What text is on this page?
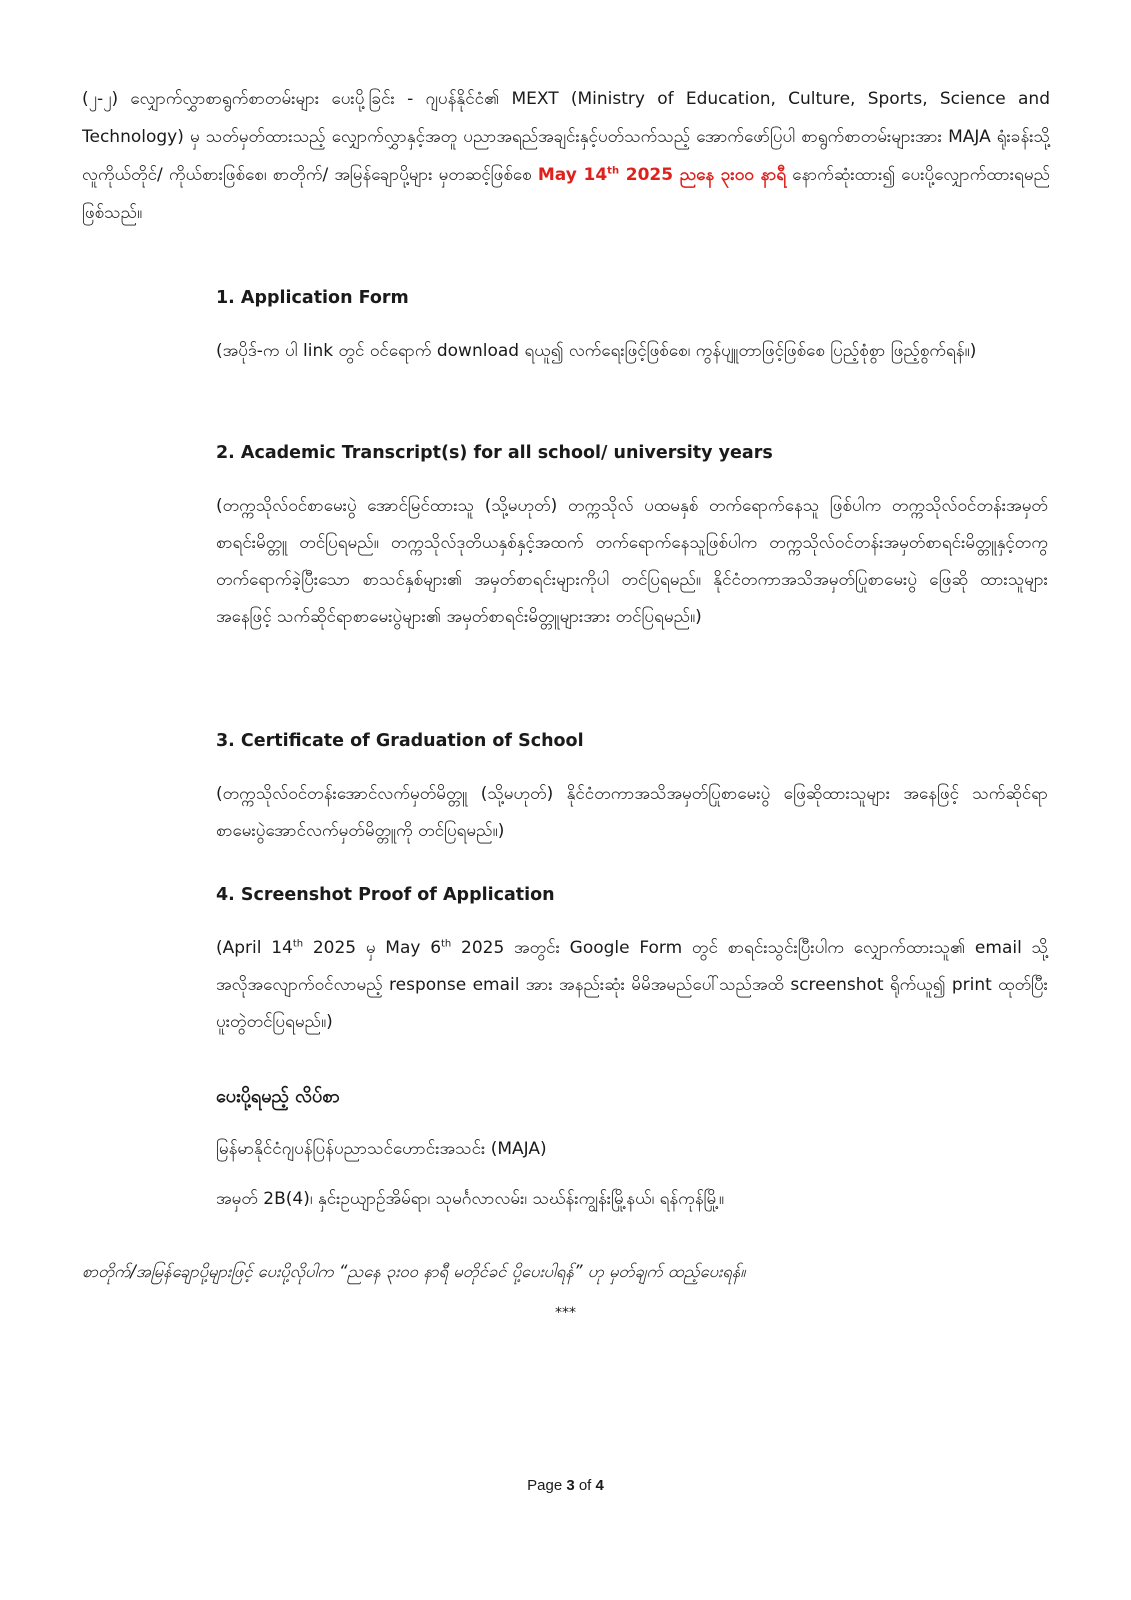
(၂-၂) လျှောက်လွှာစာရွက်စာတမ်းများ ပေးပို့ခြင်း - ဂျပန်နိုင်ငံ၏ MEXT (Ministry of Education, Culture, Sports, Science and Technology) မှ သတ်မှတ်ထားသည့် လျှောက်လွှာနှင့်အတူ ပညာအရည်အချင်းနှင့်ပတ်သက်သည့် အောက်ဖော်ပြပါ စာရွက်စာတမ်းများအား MAJA ရုံးခန်းသို့ လူကိုယ်တိုင်/ ကိုယ်စားဖြစ်စေ၊ စာတိုက်/ အမြန်ချောပို့များ မှတဆင့်ဖြစ်စေ May 14th 2025 ညနေ ၃း၀၀ နာရီ နောက်ဆုံးထား၍ ပေးပို့လျှောက်ထားရမည် ဖြစ်သည်။
1. Application Form
(အပိုဒ်-က ပါ link တွင် ဝင်ရောက် download ရယူ၍ လက်ရေးဖြင့်ဖြစ်စေ၊ ကွန်ပျူတာဖြင့်ဖြစ်စေ ပြည့်စုံစွာ ဖြည့်စွက်ရန်။)
2. Academic Transcript(s) for all school/ university years
(တက္ကသိုလ်ဝင်စာမေးပွဲ အောင်မြင်ထားသူ (သို့မဟုတ်) တက္ကသိုလ် ပထမနှစ် တက်ရောက်နေသူ ဖြစ်ပါက တက္ကသိုလ်ဝင်တန်းအမှတ်စာရင်းမိတ္တူ တင်ပြရမည်။ တက္ကသိုလ်ဒုတိယနှစ်နှင့်အထက် တက်ရောက်နေသူဖြစ်ပါက တက္ကသိုလ်ဝင်တန်းအမှတ်စာရင်းမိတ္တူနှင့်တကွ တက်ရောက်ခဲ့ပြီးသော စာသင်နှစ်များ၏ အမှတ်စာရင်းများကိုပါ တင်ပြရမည်။ နိုင်ငံတကာအသိအမှတ်ပြုစာမေးပွဲ ဖြေဆို ထားသူများအနေဖြင့် သက်ဆိုင်ရာစာမေးပွဲများ၏ အမှတ်စာရင်းမိတ္တူများအား တင်ပြရမည်။)
3. Certificate of Graduation of School
(တက္ကသိုလ်ဝင်တန်းအောင်လက်မှတ်မိတ္တူ (သို့မဟုတ်) နိုင်ငံတကာအသိအမှတ်ပြုစာမေးပွဲ ဖြေဆိုထားသူများ အနေဖြင့် သက်ဆိုင်ရာစာမေးပွဲအောင်လက်မှတ်မိတ္တူကို တင်ပြရမည်။)
4. Screenshot Proof of Application
(April 14th 2025 မှ May 6th 2025 အတွင်း Google Form တွင် စာရင်းသွင်းပြီးပါက လျှောက်ထားသူ၏ email သို့ အလိုအလျောက်ဝင်လာမည့် response email အား အနည်းဆုံး မိမိအမည်ပေါ်သည်အထိ screenshot ရိုက်ယူ၍ print ထုတ်ပြီး ပူးတွဲတင်ပြရမည်။)
ပေးပို့ရမည့် လိပ်စာ
မြန်မာနိုင်ငံဂျပန်ပြန်ပညာသင်ဟောင်းအသင်း (MAJA)
အမှတ် 2B(4)၊ နှင်းဥယျာဉ်အိမ်ရာ၊ သုမင်္ဂလာလမ်း၊ သဃ်န်းကျွန်းမြို့နယ်၊ ရန်ကုန်မြို့။
စာတိုက်/အမြန်ချောပို့များဖြင့် ပေးပို့လိုပါက “ညနေ ၃း၀၀ နာရီ မတိုင်ခင် ပို့ပေးပါရန်” ဟု မှတ်ချက် ထည့်ပေးရန်။
***
Page 3 of 4
